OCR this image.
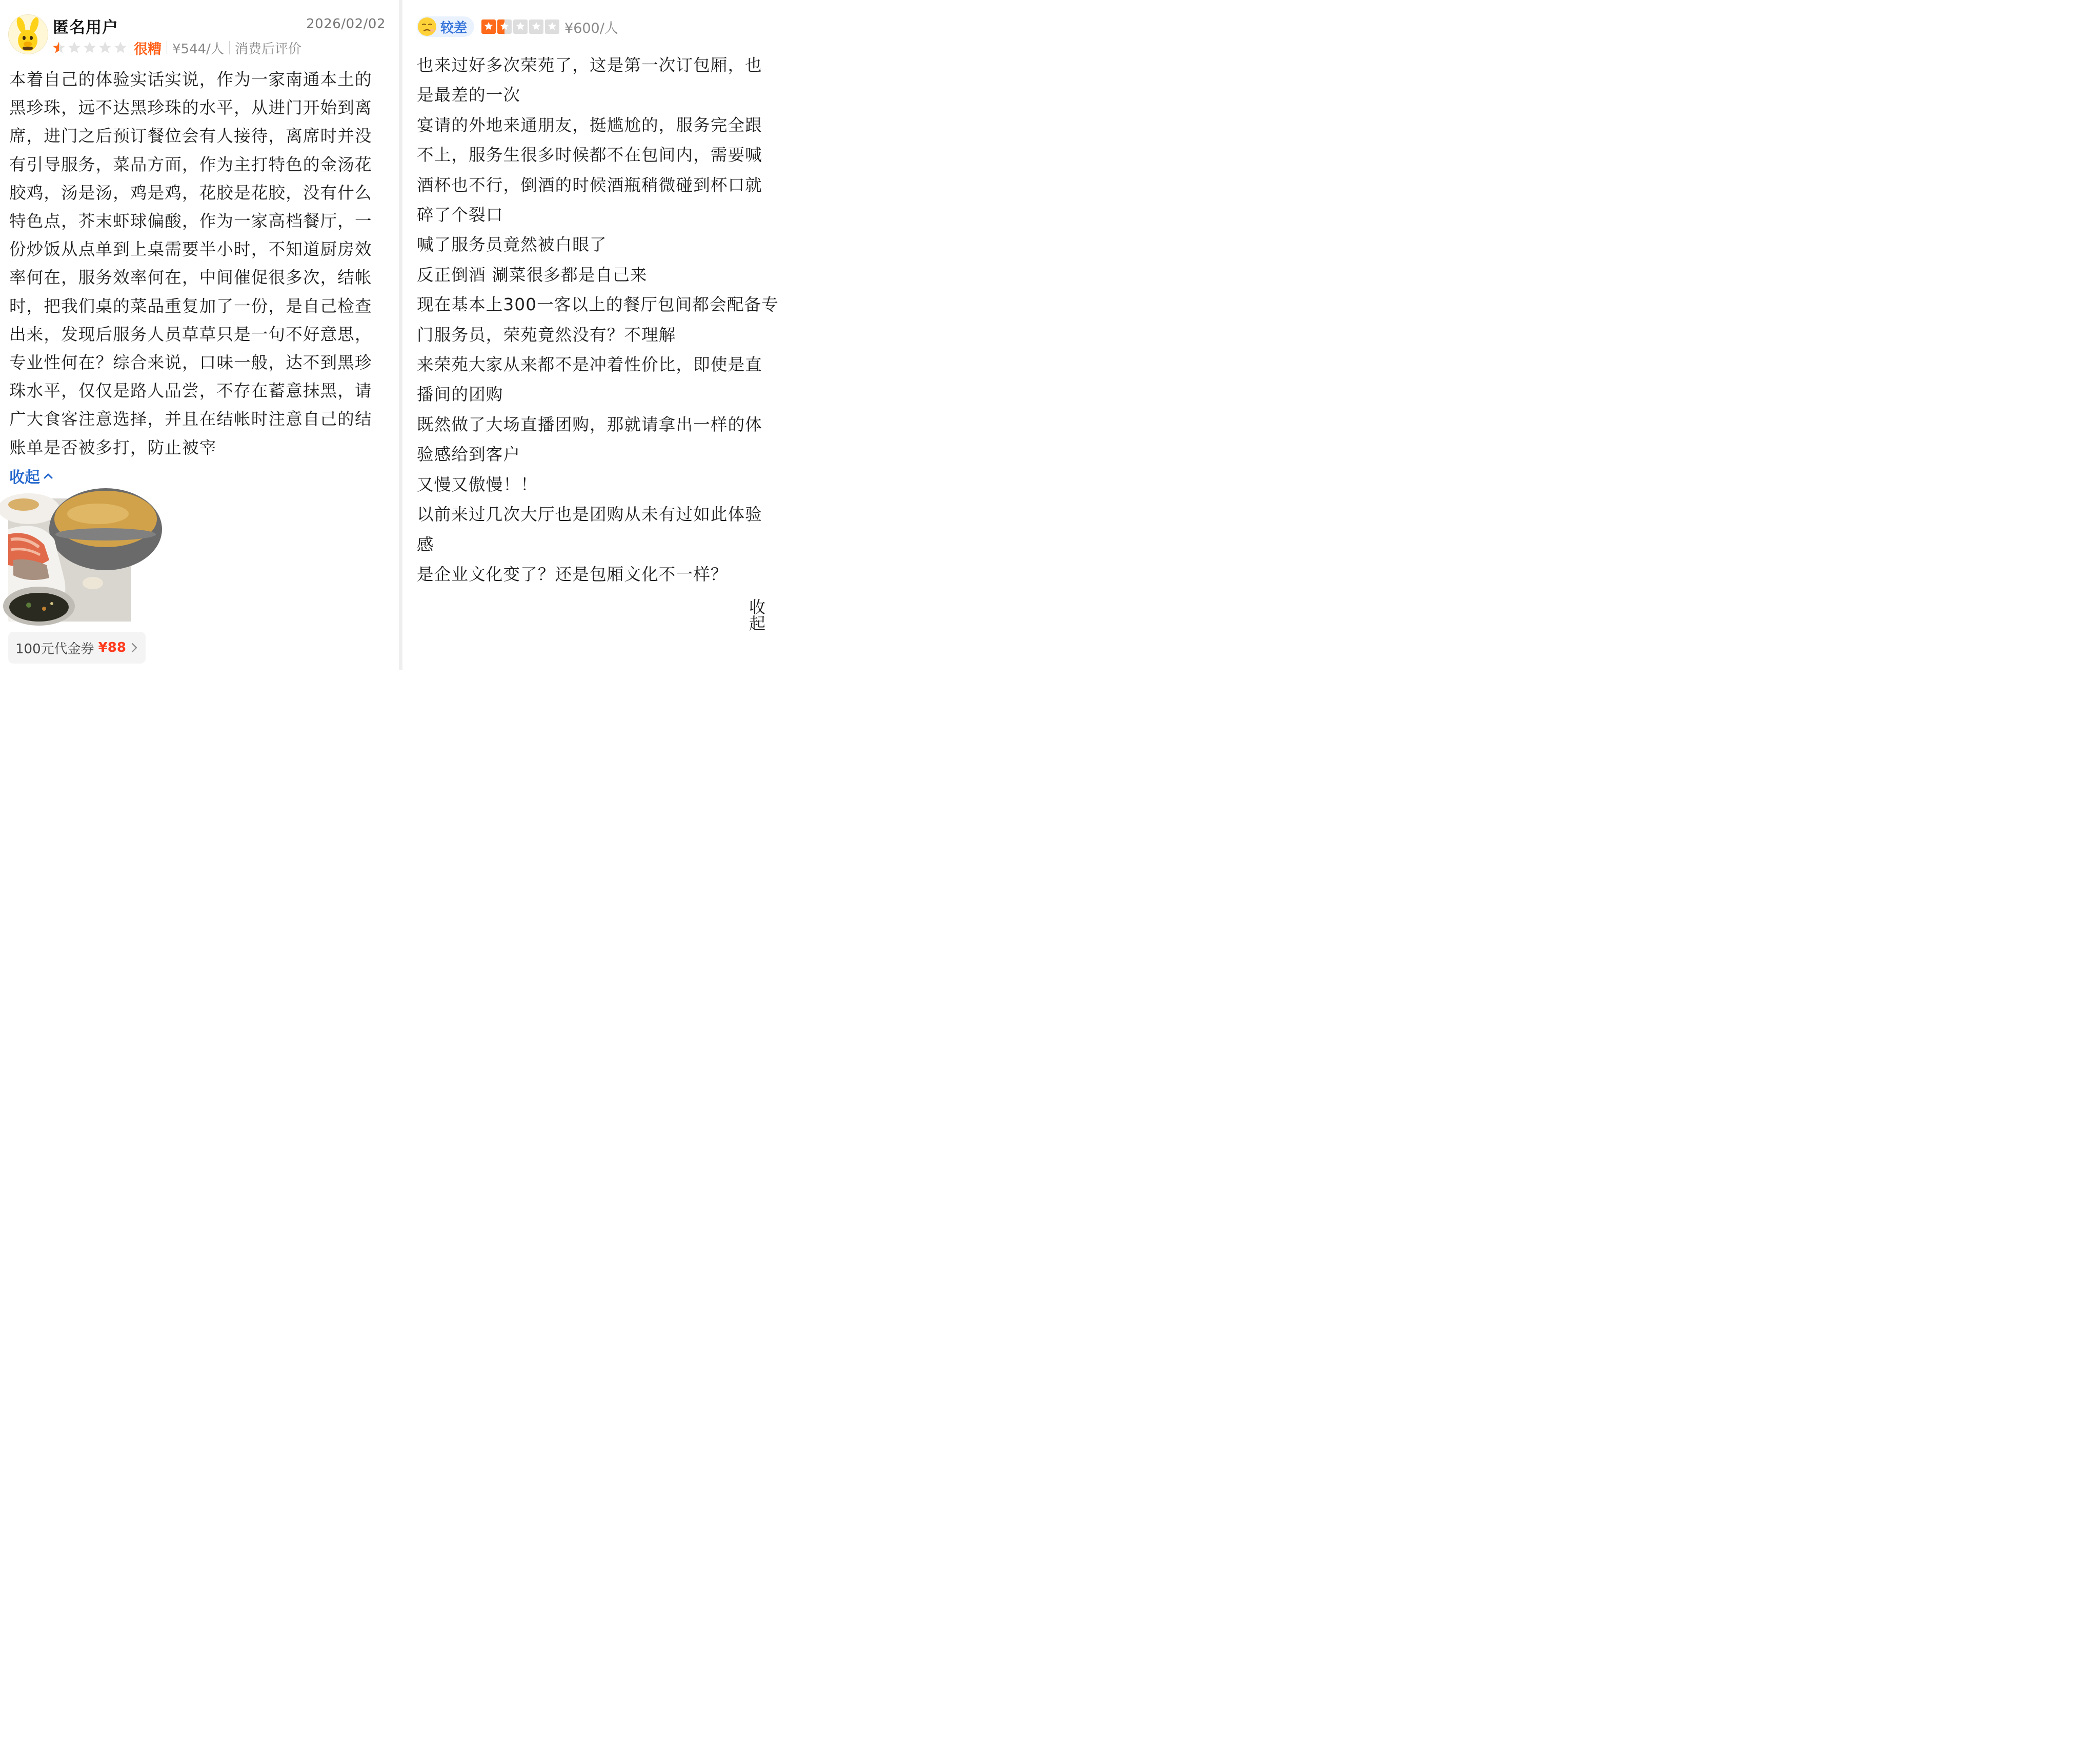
匿名用户	2026/02/02
很糟 ¥544/人 消费后评价
本着自己的体验实话实说，作为一家南通本土的
黑珍珠，远不达黑珍珠的水平，从进门开始到离
席，进门之后预订餐位会有人接待，离席时并没
有引导服务，菜品方面，作为主打特色的金汤花
胶鸡，汤是汤，鸡是鸡，花胶是花胶，没有什么
特色点，芥末虾球偏酸，作为一家高档餐厅，一
份炒饭从点单到上桌需要半小时，不知道厨房效
率何在，服务效率何在，中间催促很多次，结帐
时，把我们桌的菜品重复加了一份，是自己检查
出来，发现后服务人员草草只是一句不好意思，
专业性何在？综合来说，口味一般，达不到黑珍
珠水平，仅仅是路人品尝，不存在蓄意抹黑，请
广大食客注意选择，并且在结帐时注意自己的结
账单是否被多打，防止被宰
收起
100元代金券 ¥88
较差	¥600/人
也来过好多次荣苑了，这是第一次订包厢，也
是最差的一次
宴请的外地来通朋友，挺尴尬的，服务完全跟
不上，服务生很多时候都不在包间内，需要喊
酒杯也不行，倒酒的时候酒瓶稍微碰到杯口就
碎了个裂口
喊了服务员竟然被白眼了
反正倒酒 涮菜很多都是自己来
现在基本上300一客以上的餐厅包间都会配备专
门服务员，荣苑竟然没有？不理解
来荣苑大家从来都不是冲着性价比，即使是直
播间的团购
既然做了大场直播团购，那就请拿出一样的体
验感给到客户
又慢又傲慢！！
以前来过几次大厅也是团购从未有过如此体验
感
是企业文化变了？还是包厢文化不一样？
收起
